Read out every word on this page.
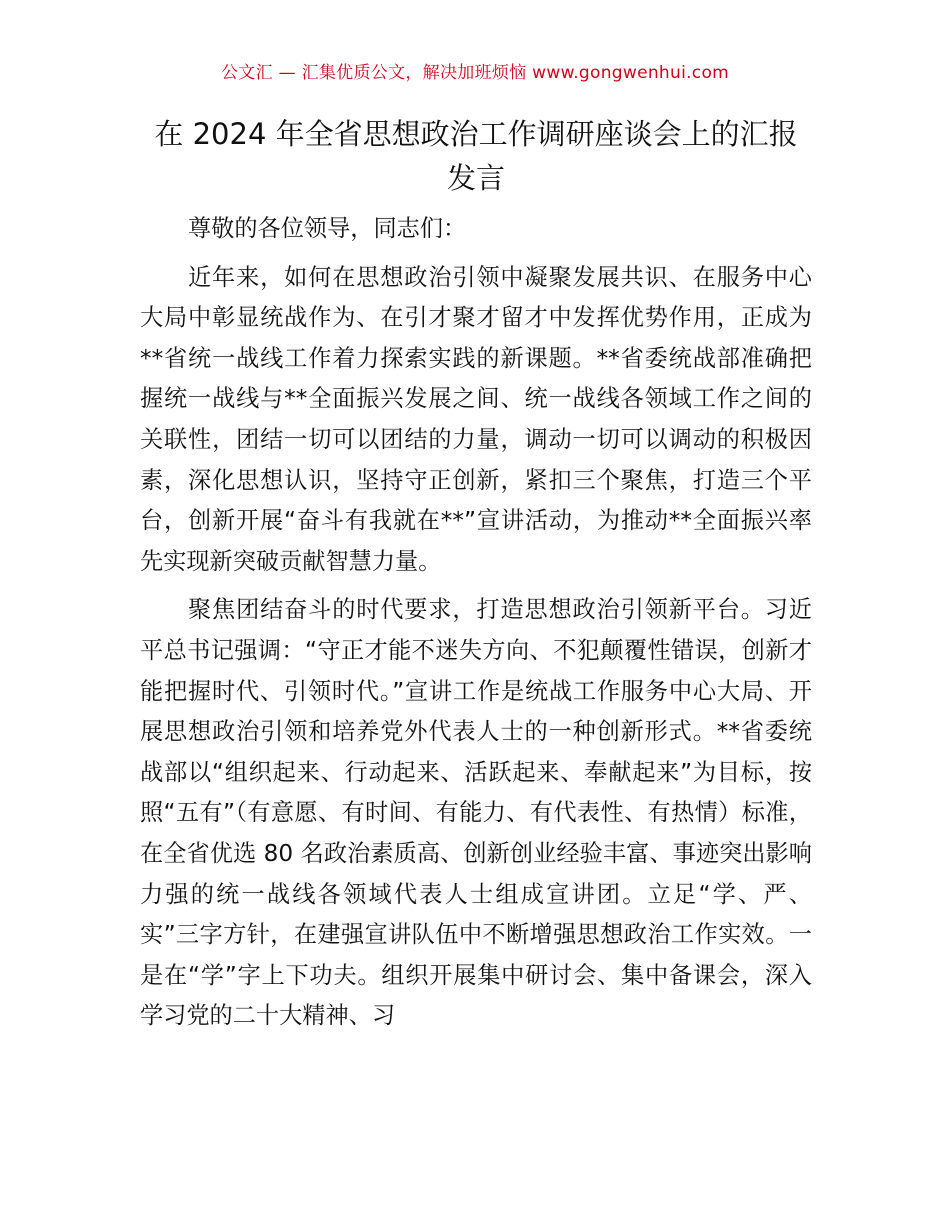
公文汇 — 汇集优质公文，解决加班烦恼 www.gongwenhui.com
在 2024 年全省思想政治工作调研座谈会上的汇报发言

尊敬的各位领导，同志们：

近年来，如何在思想政治引领中凝聚发展共识、在服务中心大局中彰显统战作为、在引才聚才留才中发挥优势作用，正成为**省统一战线工作着力探索实践的新课题。**省委统战部准确把握统一战线与**全面振兴发展之间、统一战线各领域工作之间的关联性，团结一切可以团结的力量，调动一切可以调动的积极因素，深化思想认识，坚持守正创新，紧扣三个聚焦，打造三个平台，创新开展“奋斗有我就在**”宣讲活动，为推动**全面振兴率先实现新突破贡献智慧力量。

聚焦团结奋斗的时代要求，打造思想政治引领新平台。习近平总书记强调：“守正才能不迷失方向、不犯颠覆性错误，创新才能把握时代、引领时代。”宣讲工作是统战工作服务中心大局、开展思想政治引领和培养党外代表人士的一种创新形式。**省委统战部以“组织起来、行动起来、活跃起来、奉献起来”为目标，按照“五有”（有意愿、有时间、有能力、有代表性、有热情）标准，在全省优选 80 名政治素质高、创新创业经验丰富、事迹突出影响力强的统一战线各领域代表人士组成宣讲团。立足“学、严、实”三字方针，在建强宣讲队伍中不断增强思想政治工作实效。一是在“学”字上下功夫。组织开展集中研讨会、集中备课会，深入学习党的二十大精神、习
